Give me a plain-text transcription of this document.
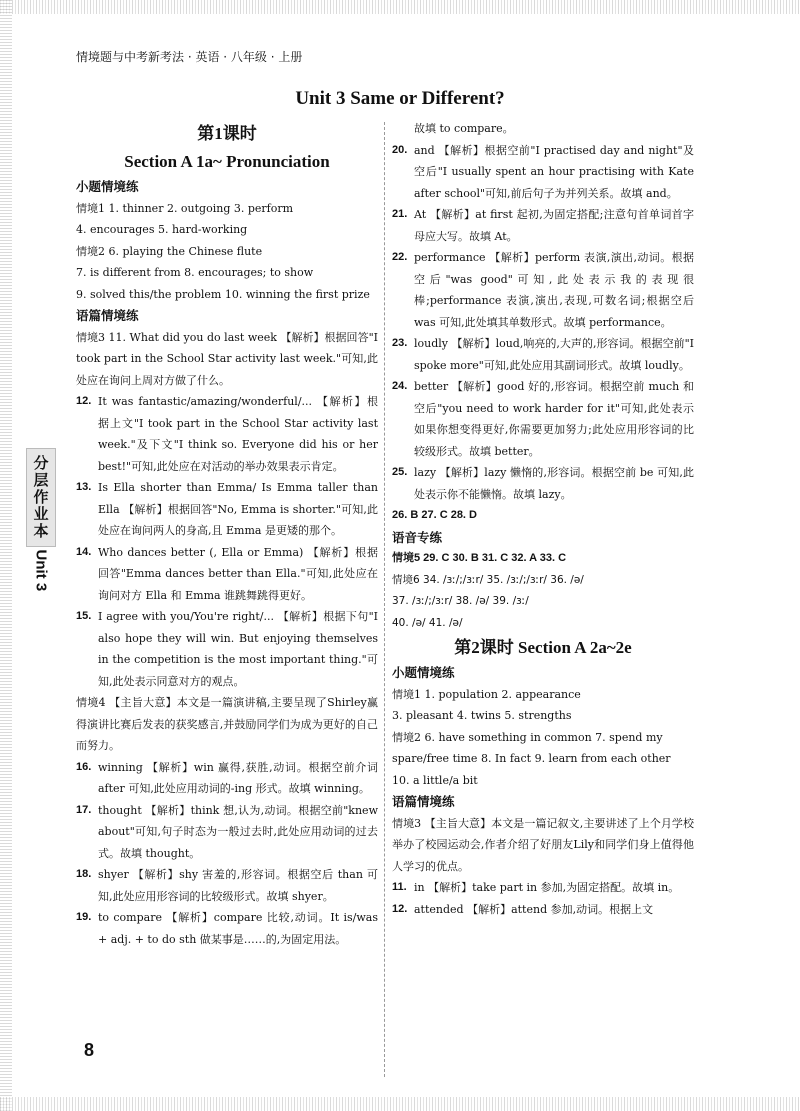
情境题与中考新考法 · 英语 · 八年级 · 上册
Unit 3 Same or Different?
分
层
作
业
本
Unit 3
第1课时
Section A 1a~ Pronunciation
小题情境练
情境1 1. thinner 2. outgoing 3. perform
4. encourages 5. hard-working
情境2 6. playing the Chinese flute
7. is different from 8. encourages; to show
9. solved this/the problem 10. winning the first prize
语篇情境练
情境3 11. What did you do last week 【解析】根据回答"I took part in the School Star activity last week."可知,此处应在询问上周对方做了什么。
12. It was fantastic/amazing/wonderful/... 【解析】根据上文"I took part in the School Star activity last week."及下文"I think so. Everyone did his or her best!"可知,此处应在对活动的举办效果表示肯定。
13. Is Ella shorter than Emma/ Is Emma taller than Ella 【解析】根据回答"No, Emma is shorter."可知,此处应在询问两人的身高,且 Emma 是更矮的那个。
14. Who dances better (, Ella or Emma) 【解析】根据回答"Emma dances better than Ella."可知,此处应在询问对方 Ella 和 Emma 谁跳舞跳得更好。
15. I agree with you/You're right/... 【解析】根据下句"I also hope they will win. But enjoying themselves in the competition is the most important thing."可知,此处表示同意对方的观点。
情境4 【主旨大意】本文是一篇演讲稿,主要呈现了Shirley赢得演讲比赛后发表的获奖感言,并鼓励同学们为成为更好的自己而努力。
16. winning 【解析】win 赢得,获胜,动词。根据空前介词 after 可知,此处应用动词的-ing 形式。故填 winning。
17. thought 【解析】think 想,认为,动词。根据空前"knew about"可知,句子时态为一般过去时,此处应用动词的过去式。故填 thought。
18. shyer 【解析】shy 害羞的,形容词。根据空后 than 可知,此处应用形容词的比较级形式。故填 shyer。
19. to compare 【解析】compare 比较,动词。It is/was + adj. + to do sth 做某事是……的,为固定用法。
故填 to compare。
20. and 【解析】根据空前"I practised day and night"及空后"I usually spent an hour practising with Kate after school"可知,前后句子为并列关系。故填 and。
21. At 【解析】at first 起初,为固定搭配;注意句首单词首字母应大写。故填 At。
22. performance 【解析】perform 表演,演出,动词。根据空后"was good"可知,此处表示我的表现很棒;performance 表演,演出,表现,可数名词;根据空后 was 可知,此处填其单数形式。故填 performance。
23. loudly 【解析】loud,响亮的,大声的,形容词。根据空前"I spoke more"可知,此处应用其副词形式。故填 loudly。
24. better 【解析】good 好的,形容词。根据空前 much 和空后"you need to work harder for it"可知,此处表示如果你想变得更好,你需要更加努力;此处应用形容词的比较级形式。故填 better。
25. lazy 【解析】lazy 懒惰的,形容词。根据空前 be 可知,此处表示你不能懒惰。故填 lazy。
26. B 27. C 28. D
语音专练
情境5 29. C 30. B 31. C 32. A 33. C
情境6 34. /ɜː/;/ɜːr/ 35. /ɜː/;/ɜːr/ 36. /ə/
37. /ɜː/;/ɜːr/ 38. /ə/ 39. /ɜː/
40. /ə/ 41. /ə/
第2课时 Section A 2a~2e
小题情境练
情境1 1. population 2. appearance
3. pleasant 4. twins 5. strengths
情境2 6. have something in common 7. spend my spare/free time 8. In fact 9. learn from each other
10. a little/a bit
语篇情境练
情境3 【主旨大意】本文是一篇记叙文,主要讲述了上个月学校举办了校园运动会,作者介绍了好朋友Lily和同学们身上值得他人学习的优点。
11. in 【解析】take part in 参加,为固定搭配。故填 in。
12. attended 【解析】attend 参加,动词。根据上文
8
